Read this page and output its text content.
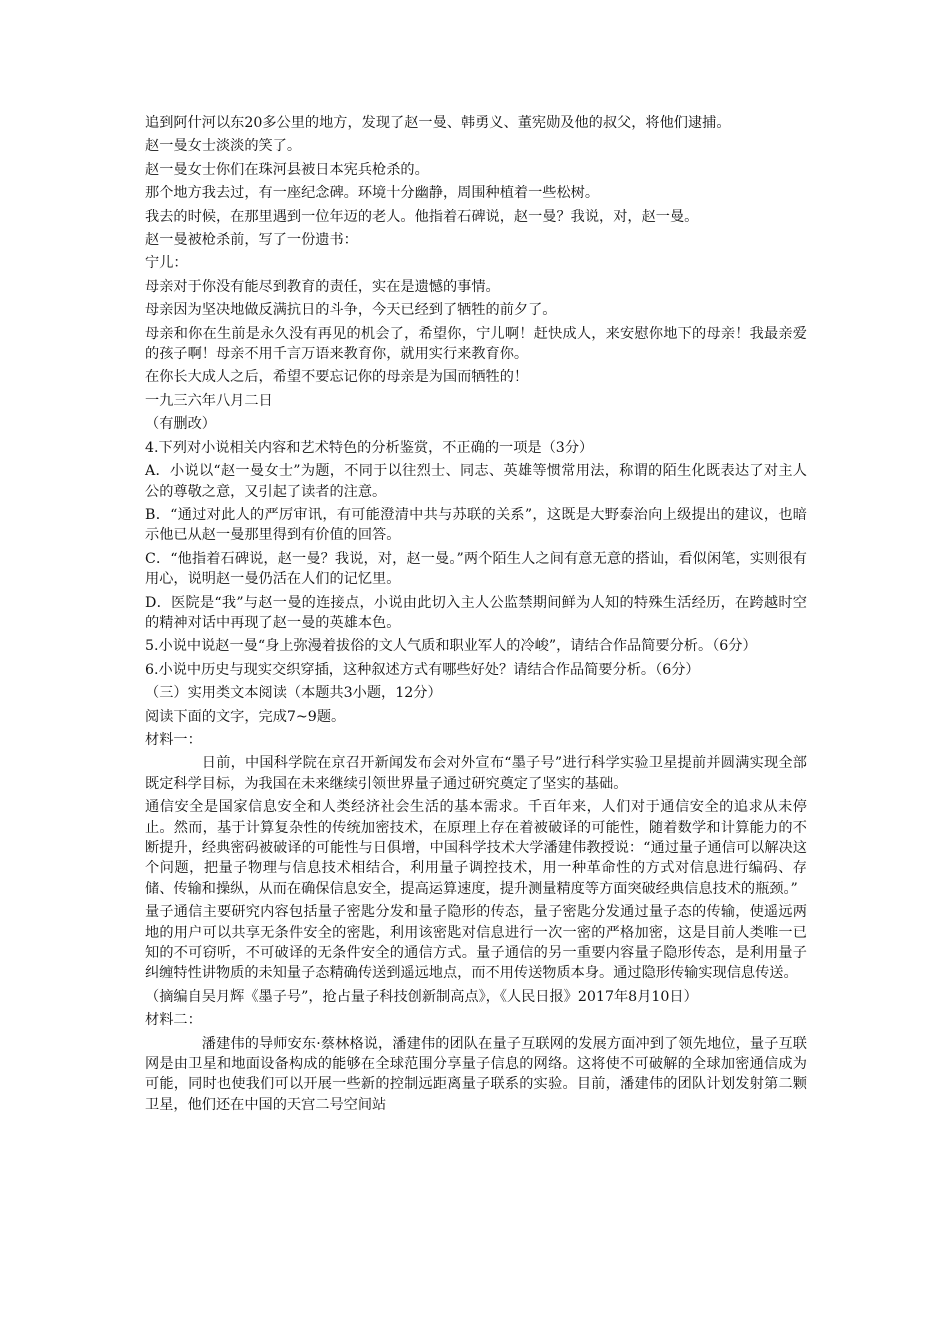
追到阿什河以东20多公里的地方，发现了赵一曼、韩勇义、董宪勋及他的叔父，将他们逮捕。

赵一曼女士淡淡的笑了。

赵一曼女士你们在珠河县被日本宪兵枪杀的。

那个地方我去过，有一座纪念碑。环境十分幽静，周围种植着一些松树。

我去的时候，在那里遇到一位年迈的老人。他指着石碑说，赵一曼？我说，对，赵一曼。

赵一曼被枪杀前，写了一份遗书：

宁儿：

母亲对于你没有能尽到教育的责任，实在是遗憾的事情。

母亲因为坚决地做反满抗日的斗争，今天已经到了牺牲的前夕了。

母亲和你在生前是永久没有再见的机会了，希望你，宁儿啊！赶快成人，来安慰你地下的母亲！我最亲爱的孩子啊！母亲不用千言万语来教育你，就用实行来教育你。

在你长大成人之后，希望不要忘记你的母亲是为国而牺牲的！

一九三六年八月二日

（有删改）

4.下列对小说相关内容和艺术特色的分析鉴赏，不正确的一项是（3分）

A．小说以“赵一曼女士”为题，不同于以往烈士、同志、英雄等惯常用法，称谓的陌生化既表达了对主人公的尊敬之意，又引起了读者的注意。

B．“通过对此人的严厉审讯，有可能澄清中共与苏联的关系”，这既是大野泰治向上级提出的建议，也暗示他已从赵一曼那里得到有价值的回答。

C．“他指着石碑说，赵一曼？我说，对，赵一曼。”两个陌生人之间有意无意的搭讪，看似闲笔，实则很有用心，说明赵一曼仍活在人们的记忆里。

D．医院是“我”与赵一曼的连接点，小说由此切入主人公监禁期间鲜为人知的特殊生活经历，在跨越时空的精神对话中再现了赵一曼的英雄本色。

5.小说中说赵一曼“身上弥漫着拔俗的文人气质和职业军人的冷峻”，请结合作品简要分析。（6分）

6.小说中历史与现实交织穿插，这种叙述方式有哪些好处？请结合作品简要分析。（6分）

（三）实用类文本阅读（本题共3小题，12分）

阅读下面的文字，完成7~9题。

材料一：

日前，中国科学院在京召开新闻发布会对外宣布“墨子号”进行科学实验卫星提前并圆满实现全部既定科学目标，为我国在未来继续引领世界量子通过研究奠定了坚实的基础。

通信安全是国家信息安全和人类经济社会生活的基本需求。千百年来，人们对于通信安全的追求从未停止。然而，基于计算复杂性的传统加密技术，在原理上存在着被破译的可能性，随着数学和计算能力的不断提升，经典密码被破译的可能性与日俱增，中国科学技术大学潘建伟教授说：“通过量子通信可以解决这个问题，把量子物理与信息技术相结合，利用量子调控技术，用一种革命性的方式对信息进行编码、存储、传输和操纵，从而在确保信息安全，提高运算速度，提升测量精度等方面突破经典信息技术的瓶颈。”

量子通信主要研究内容包括量子密匙分发和量子隐形的传态，量子密匙分发通过量子态的传输，使遥远两地的用户可以共享无条件安全的密匙，利用该密匙对信息进行一次一密的严格加密，这是目前人类唯一已知的不可窃听，不可破译的无条件安全的通信方式。量子通信的另一重要内容量子隐形传态，是利用量子纠缠特性讲物质的未知量子态精确传送到遥远地点，而不用传送物质本身。通过隐形传输实现信息传送。

（摘编自吴月辉《墨子号”，抢占量子科技创新制高点》，《人民日报》2017年8月10日）

材料二：

潘建伟的导师安东·蔡林格说，潘建伟的团队在量子互联网的发展方面冲到了领先地位，量子互联网是由卫星和地面设备构成的能够在全球范围分享量子信息的网络。这将使不可破解的全球加密通信成为可能，同时也使我们可以开展一些新的控制远距离量子联系的实验。目前，潘建伟的团队计划发射第二颗卫星，他们还在中国的天宫二号空间站
